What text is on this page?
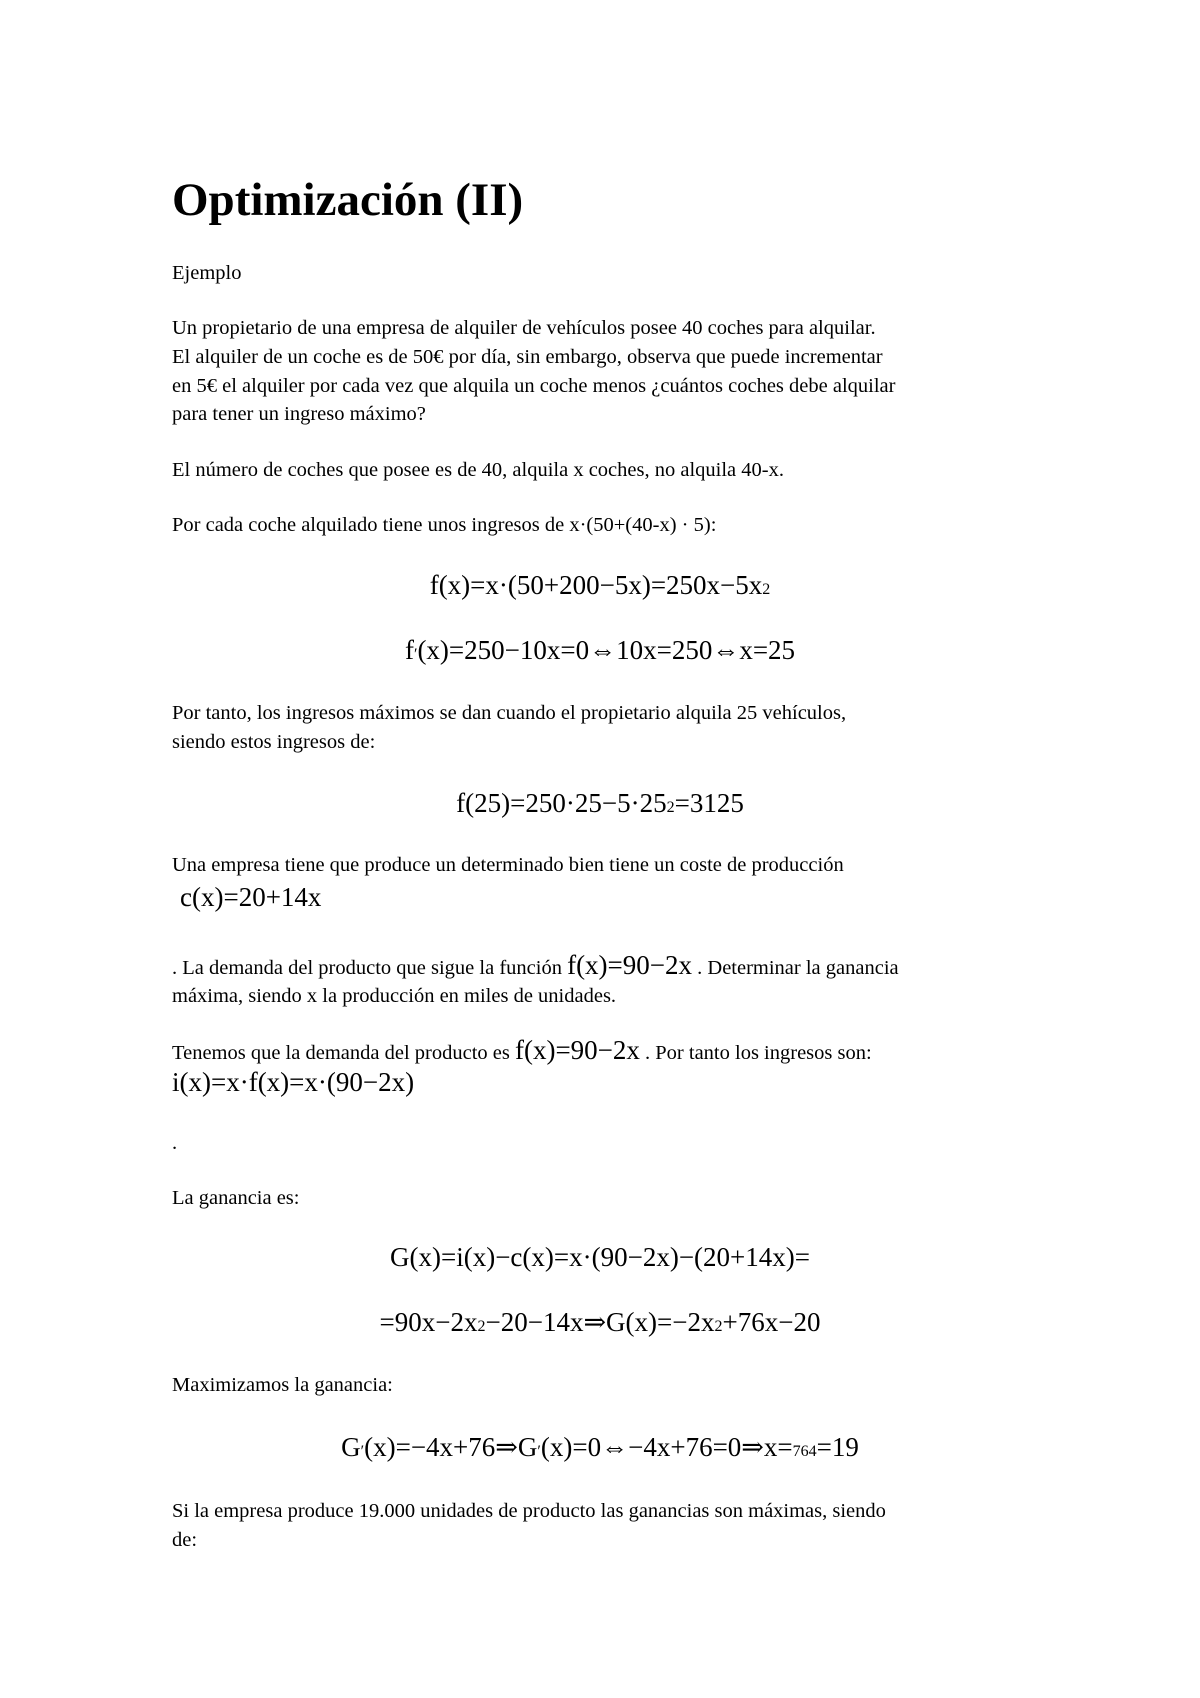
Optimización (II)
Ejemplo
Un propietario de una empresa de alquiler de vehículos posee 40 coches para alquilar.
El alquiler de un coche es de 50€ por día, sin embargo, observa que puede incrementar
en 5€ el alquiler por cada vez que alquila un coche menos ¿cuántos coches debe alquilar
para tener un ingreso máximo?
El número de coches que posee es de 40, alquila x coches, no alquila 40-x.
Por cada coche alquilado tiene unos ingresos de x·(50+(40-x) · 5):
f(x)=x·(50+200−5x)=250x−5x2
f′(x)=250−10x=0⇔10x=250⇔x=25
Por tanto, los ingresos máximos se dan cuando el propietario alquila 25 vehículos,
siendo estos ingresos de:
f(25)=250·25−5·252=3125
Una empresa tiene que produce un determinado bien tiene un coste de producción
c(x)=20+14x
. La demanda del producto que sigue la función f(x)=90−2x . Determinar la ganancia
máxima, siendo x la producción en miles de unidades.
Tenemos que la demanda del producto es f(x)=90−2x . Por tanto los ingresos son:
i(x)=x·f(x)=x·(90−2x)
.
La ganancia es:
G(x)=i(x)−c(x)=x·(90−2x)−(20+14x)=
=90x−2x2−20−14x⇒G(x)=−2x2+76x−20
Maximizamos la ganancia:
G′(x)=−4x+76⇒G′(x)=0⇔−4x+76=0⇒x=764=19
Si la empresa produce 19.000 unidades de producto las ganancias son máximas, siendo
de:
